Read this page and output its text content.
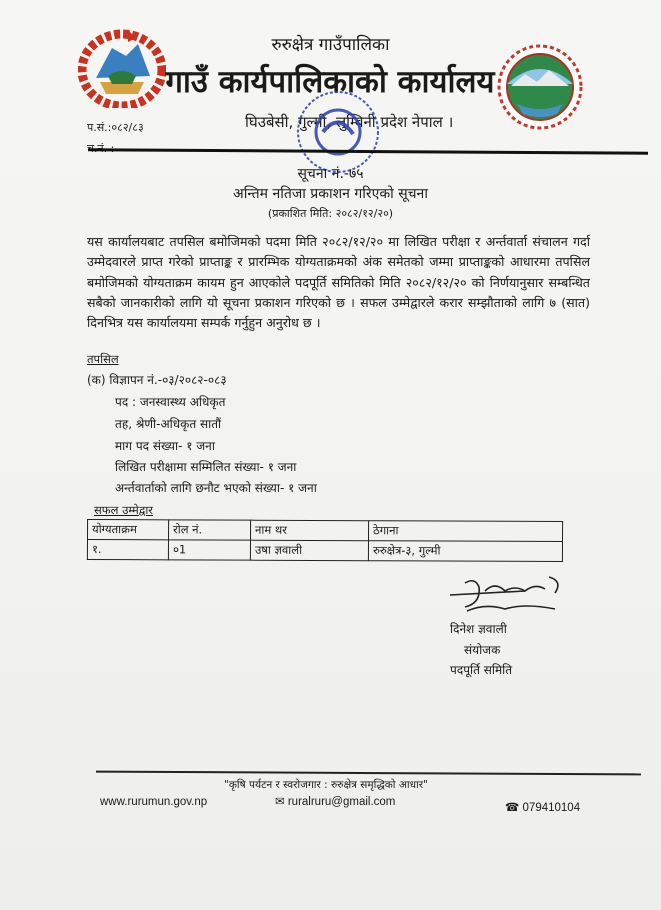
रुरुक्षेत्र गाउँपालिका
गाउँ कार्यपालिकाको कार्यालय
घिउबेसी, गुल्मी, लुम्बिनी प्रदेश नेपाल ।
प.सं.:०८२/८३
सूचना नं.-७५
अन्तिम नतिजा प्रकाशन गरिएको सूचना
(प्रकाशित मिति: २०८२/१२/२०)
यस कार्यालयबाट तपसिल बमोजिमको पदमा मिति २०८२/१२/२० मा लिखित परीक्षा र अर्न्तवार्ता संचालन गर्दा उम्मेदवारले प्राप्त गरेको प्राप्ताङ्क र प्रारम्भिक योग्यताक्रमको अंक समेतको जम्मा प्राप्ताङ्कको आधारमा तपसिल बमोजिमको योग्यताक्रम कायम हुन आएकोले पदपूर्ति समितिको मिति २०८२/१२/२० को निर्णयानुसार सम्बन्धित सबैको जानकारीको लागि यो सूचना प्रकाशन गरिएको छ । सफल उम्मेद्वारले करार सम्झौताको लागि ७ (सात) दिनभित्र यस कार्यालयमा सम्पर्क गर्नुहुन अनुरोध छ ।
तपसिल
(क) विज्ञापन नं.-०३/२०८२-०८३
पद : जनस्वास्थ्य अधिकृत
तह, श्रेणी-अधिकृत सातौं
माग पद संख्या- १ जना
लिखित परीक्षामा सम्मिलित संख्या- १ जना
अर्न्तवार्ताको लागि छनौट भएको संख्या- १ जना
सफल उम्मेद्वार
योग्यताक्रम	रोल नं.	नाम थर	ठेगाना
१.	०1	उषा ज्ञवाली	रुरुक्षेत्र-३, गुल्मी
दिनेश ज्ञवाली
संयोजक
पदपूर्ति समिति
"कृषि पर्यटन र स्वरोजगार : रुरुक्षेत्र समृद्धिको आधार"
www.rurumun.gov.np	✉ ruralruru@gmail.com	☎ 079410104
